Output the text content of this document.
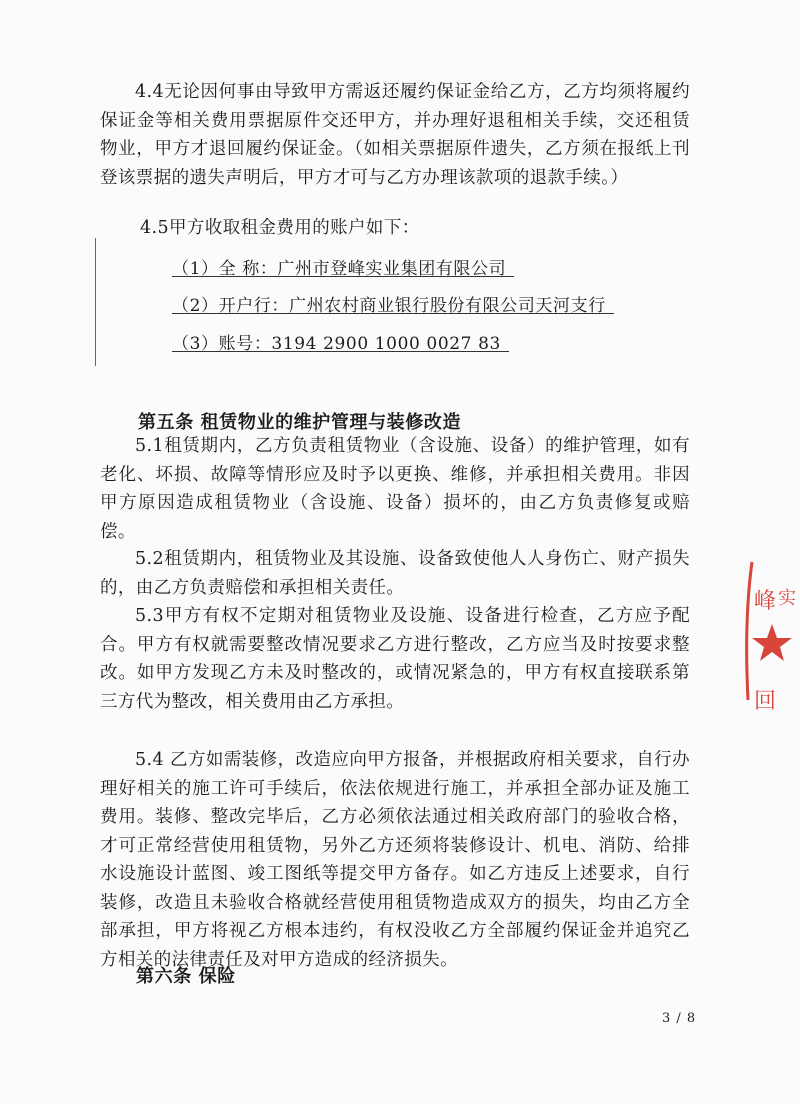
4.4无论因何事由导致甲方需返还履约保证金给乙方，乙方均须将履约保证金等相关费用票据原件交还甲方，并办理好退租相关手续，交还租赁物业，甲方才退回履约保证金。（如相关票据原件遗失，乙方须在报纸上刊登该票据的遗失声明后，甲方才可与乙方办理该款项的退款手续。）

4.5甲方收取租金费用的账户如下：

（1）全 称：广州市登峰实业集团有限公司
（2）开户行：广州农村商业银行股份有限公司天河支行
（3）账号：3194 2900 1000 0027 83

第五条 租赁物业的维护管理与装修改造

5.1租赁期内，乙方负责租赁物业（含设施、设备）的维护管理，如有老化、坏损、故障等情形应及时予以更换、维修，并承担相关费用。非因甲方原因造成租赁物业（含设施、设备）损坏的，由乙方负责修复或赔偿。

5.2租赁期内，租赁物业及其设施、设备致使他人人身伤亡、财产损失的，由乙方负责赔偿和承担相关责任。

5.3甲方有权不定期对租赁物业及设施、设备进行检查，乙方应予配合。甲方有权就需要整改情况要求乙方进行整改，乙方应当及时按要求整改。如甲方发现乙方未及时整改的，或情况紧急的，甲方有权直接联系第三方代为整改，相关费用由乙方承担。

5.4 乙方如需装修，改造应向甲方报备，并根据政府相关要求，自行办理好相关的施工许可手续后，依法依规进行施工，并承担全部办证及施工费用。装修、整改完毕后，乙方必须依法通过相关政府部门的验收合格，才可正常经营使用租赁物，另外乙方还须将装修设计、机电、消防、给排水设施设计蓝图、竣工图纸等提交甲方备存。如乙方违反上述要求，自行装修，改造且未验收合格就经营使用租赁物造成双方的损失，均由乙方全部承担，甲方将视乙方根本违约，有权没收乙方全部履约保证金并追究乙方相关的法律责任及对甲方造成的经济损失。

第六条 保险

3 / 8
峰 实
回
